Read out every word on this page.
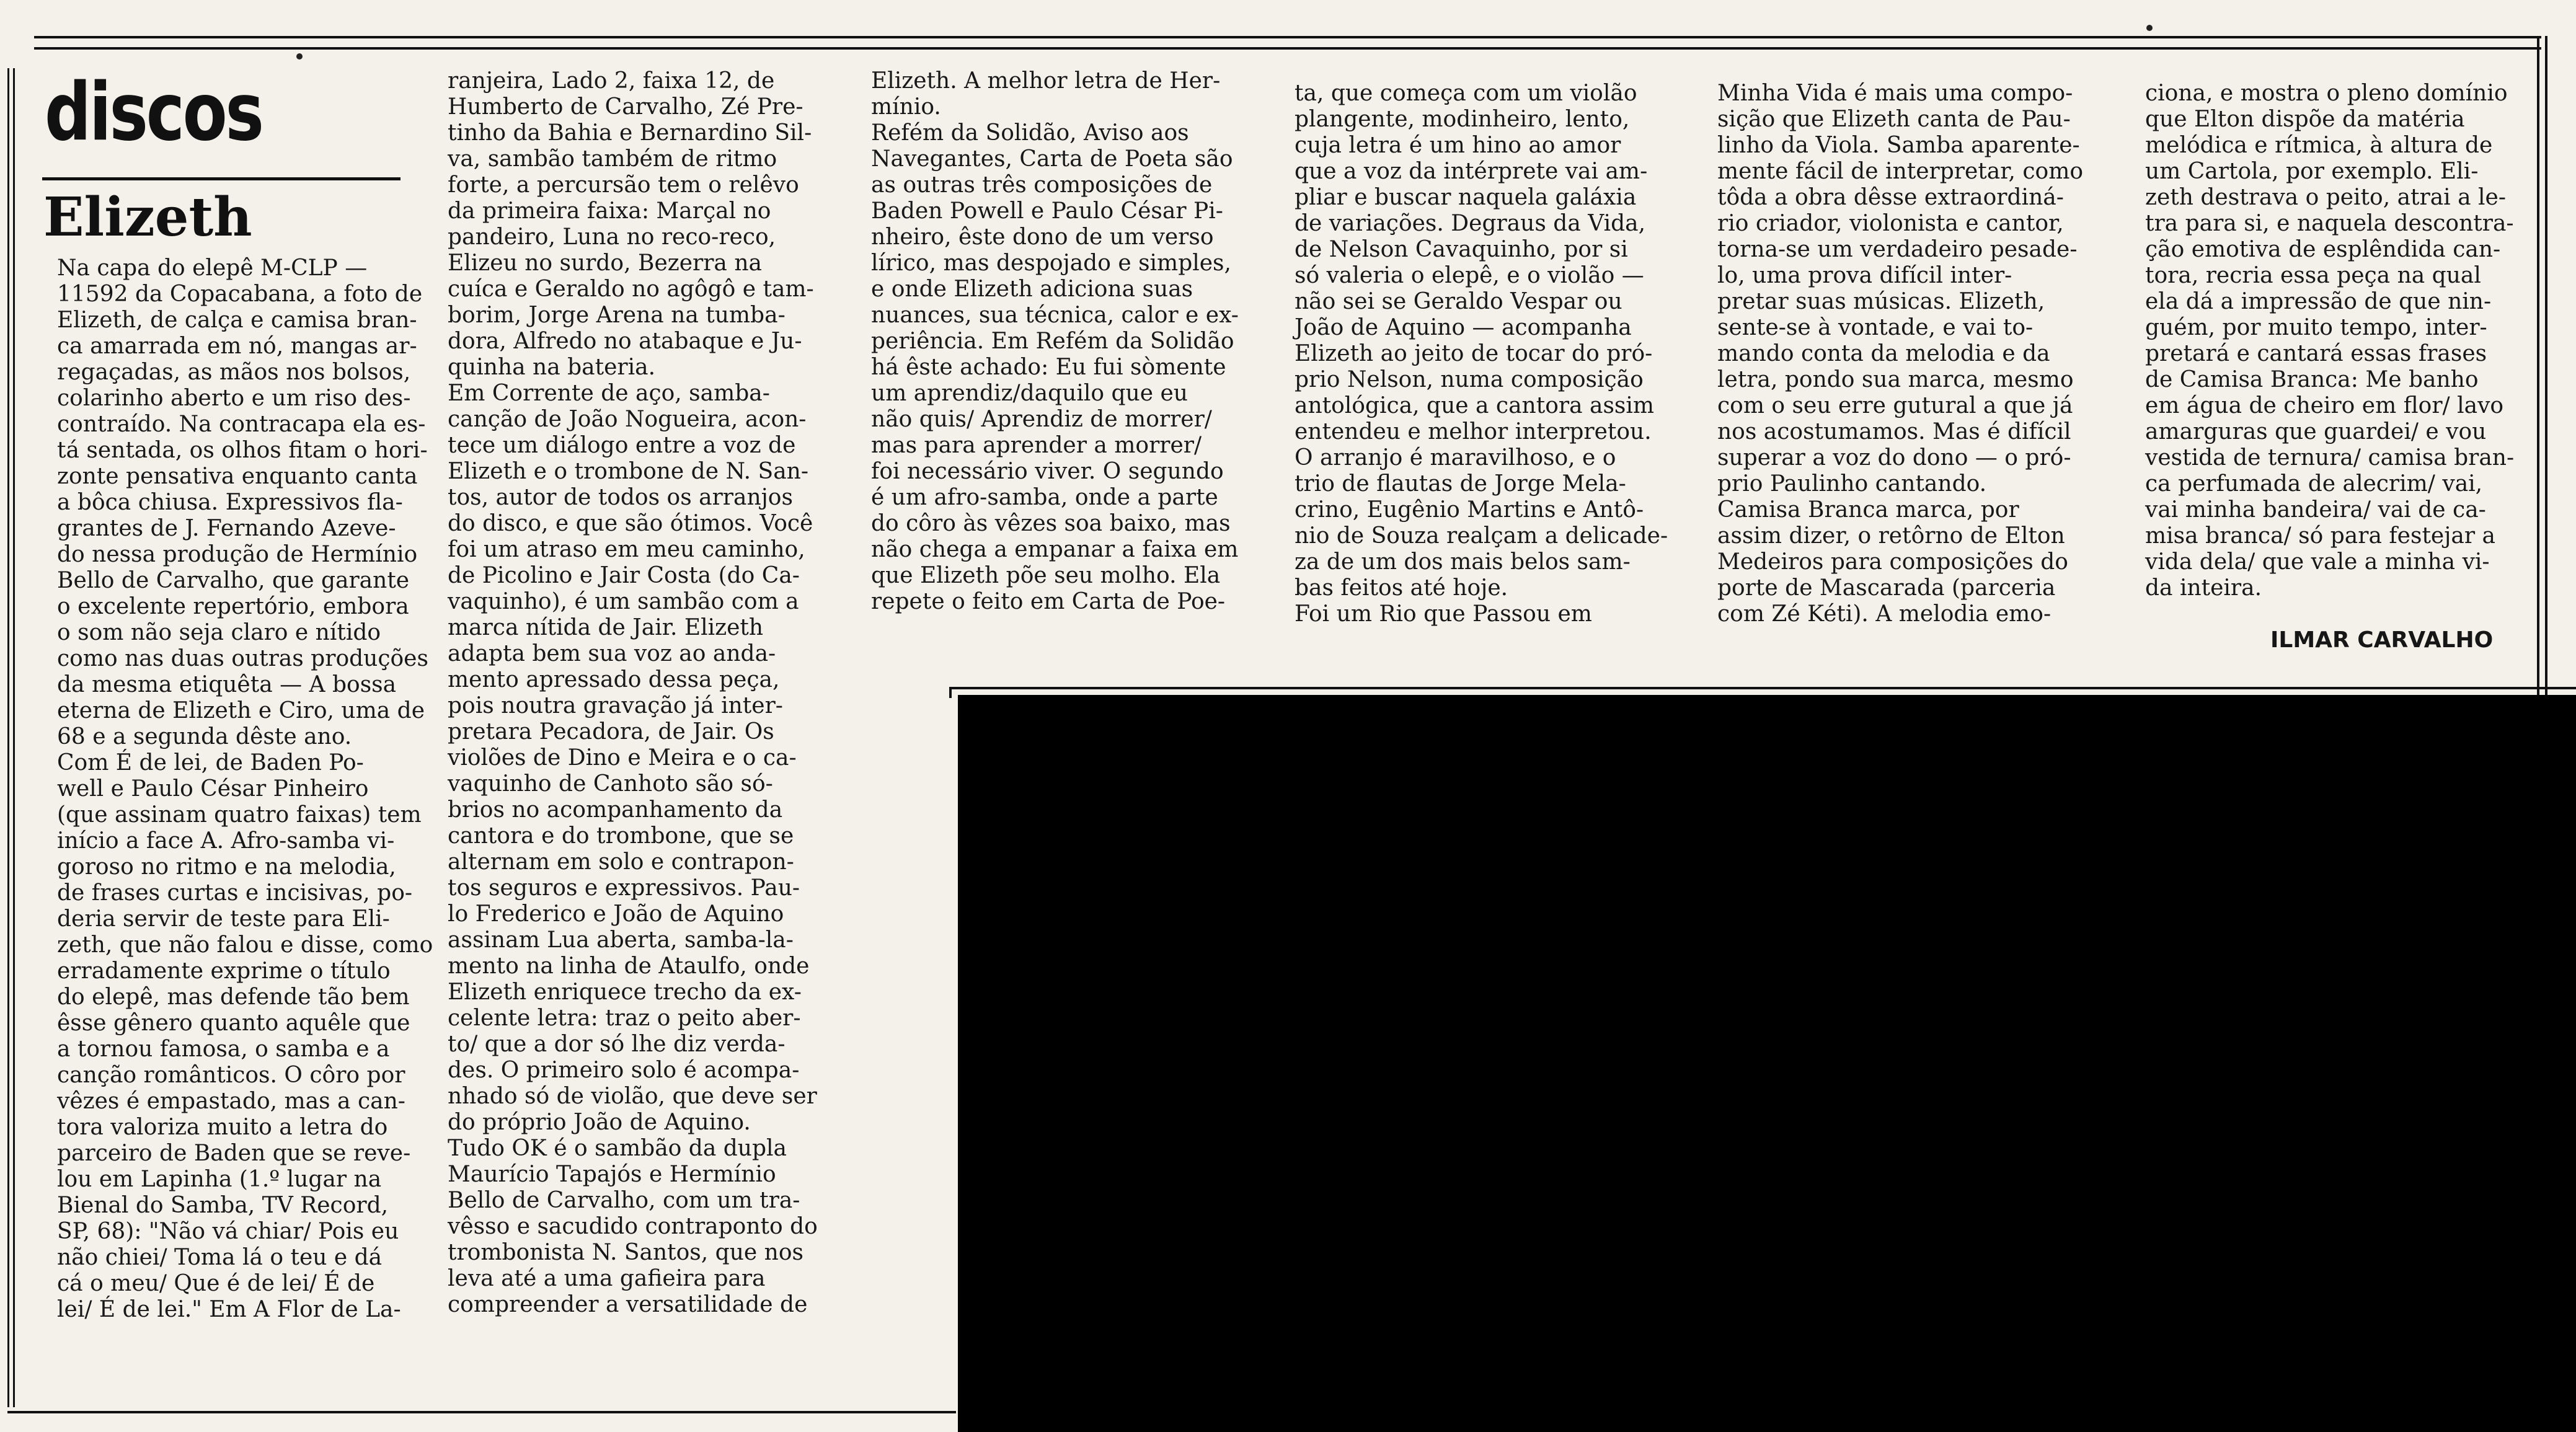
discos
Elizeth
Na capa do elepê M-CLP —
11592 da Copacabana, a foto de
Elizeth, de calça e camisa bran-
ca amarrada em nó, mangas ar-
regaçadas, as mãos nos bolsos,
colarinho aberto e um riso des-
contraído. Na contracapa ela es-
tá sentada, os olhos fitam o hori-
zonte pensativa enquanto canta
a bôca chiusa. Expressivos fla-
grantes de J. Fernando Azeve-
do nessa produção de Hermínio
Bello de Carvalho, que garante
o excelente repertório, embora
o som não seja claro e nítido
como nas duas outras produções
da mesma etiquêta — A bossa
eterna de Elizeth e Ciro, uma de
68 e a segunda dêste ano.
Com É de lei, de Baden Po-
well e Paulo César Pinheiro
(que assinam quatro faixas) tem
início a face A. Afro-samba vi-
goroso no ritmo e na melodia,
de frases curtas e incisivas, po-
deria servir de teste para Eli-
zeth, que não falou e disse, como
erradamente exprime o título
do elepê, mas defende tão bem
êsse gênero quanto aquêle que
a tornou famosa, o samba e a
canção românticos. O côro por
vêzes é empastado, mas a can-
tora valoriza muito a letra do
parceiro de Baden que se reve-
lou em Lapinha (1.º lugar na
Bienal do Samba, TV Record,
SP, 68): "Não vá chiar/ Pois eu
não chiei/ Toma lá o teu e dá
cá o meu/ Que é de lei/ É de
lei/ É de lei." Em A Flor de La-
ranjeira, Lado 2, faixa 12, de
Humberto de Carvalho, Zé Pre-
tinho da Bahia e Bernardino Sil-
va, sambão também de ritmo
forte, a percursão tem o relêvo
da primeira faixa: Marçal no
pandeiro, Luna no reco-reco,
Elizeu no surdo, Bezerra na
cuíca e Geraldo no agôgô e tam-
borim, Jorge Arena na tumba-
dora, Alfredo no atabaque e Ju-
quinha na bateria.
Em Corrente de aço, samba-
canção de João Nogueira, acon-
tece um diálogo entre a voz de
Elizeth e o trombone de N. San-
tos, autor de todos os arranjos
do disco, e que são ótimos. Você
foi um atraso em meu caminho,
de Picolino e Jair Costa (do Ca-
vaquinho), é um sambão com a
marca nítida de Jair. Elizeth
adapta bem sua voz ao anda-
mento apressado dessa peça,
pois noutra gravação já inter-
pretara Pecadora, de Jair. Os
violões de Dino e Meira e o ca-
vaquinho de Canhoto são só-
brios no acompanhamento da
cantora e do trombone, que se
alternam em solo e contrapon-
tos seguros e expressivos. Pau-
lo Frederico e João de Aquino
assinam Lua aberta, samba-la-
mento na linha de Ataulfo, onde
Elizeth enriquece trecho da ex-
celente letra: traz o peito aber-
to/ que a dor só lhe diz verda-
des. O primeiro solo é acompa-
nhado só de violão, que deve ser
do próprio João de Aquino.
Tudo OK é o sambão da dupla
Maurício Tapajós e Hermínio
Bello de Carvalho, com um tra-
vêsso e sacudido contraponto do
trombonista N. Santos, que nos
leva até a uma gafieira para
compreender a versatilidade de
Elizeth. A melhor letra de Her-
mínio.
Refém da Solidão, Aviso aos
Navegantes, Carta de Poeta são
as outras três composições de
Baden Powell e Paulo César Pi-
nheiro, êste dono de um verso
lírico, mas despojado e simples,
e onde Elizeth adiciona suas
nuances, sua técnica, calor e ex-
periência. Em Refém da Solidão
há êste achado: Eu fui sòmente
um aprendiz/daquilo que eu
não quis/ Aprendiz de morrer/
mas para aprender a morrer/
foi necessário viver. O segundo
é um afro-samba, onde a parte
do côro às vêzes soa baixo, mas
não chega a empanar a faixa em
que Elizeth põe seu molho. Ela
repete o feito em Carta de Poe-
ta, que começa com um violão
plangente, modinheiro, lento,
cuja letra é um hino ao amor
que a voz da intérprete vai am-
pliar e buscar naquela galáxia
de variações. Degraus da Vida,
de Nelson Cavaquinho, por si
só valeria o elepê, e o violão —
não sei se Geraldo Vespar ou
João de Aquino — acompanha
Elizeth ao jeito de tocar do pró-
prio Nelson, numa composição
antológica, que a cantora assim
entendeu e melhor interpretou.
O arranjo é maravilhoso, e o
trio de flautas de Jorge Mela-
crino, Eugênio Martins e Antô-
nio de Souza realçam a delicade-
za de um dos mais belos sam-
bas feitos até hoje.
Foi um Rio que Passou em
Minha Vida é mais uma compo-
sição que Elizeth canta de Pau-
linho da Viola. Samba aparente-
mente fácil de interpretar, como
tôda a obra dêsse extraordiná-
rio criador, violonista e cantor,
torna-se um verdadeiro pesade-
lo, uma prova difícil inter-
pretar suas músicas. Elizeth,
sente-se à vontade, e vai to-
mando conta da melodia e da
letra, pondo sua marca, mesmo
com o seu erre gutural a que já
nos acostumamos. Mas é difícil
superar a voz do dono — o pró-
prio Paulinho cantando.
Camisa Branca marca, por
assim dizer, o retôrno de Elton
Medeiros para composições do
porte de Mascarada (parceria
com Zé Kéti). A melodia emo-
ciona, e mostra o pleno domínio
que Elton dispõe da matéria
melódica e rítmica, à altura de
um Cartola, por exemplo. Eli-
zeth destrava o peito, atrai a le-
tra para si, e naquela descontra-
ção emotiva de esplêndida can-
tora, recria essa peça na qual
ela dá a impressão de que nin-
guém, por muito tempo, inter-
pretará e cantará essas frases
de Camisa Branca: Me banho
em água de cheiro em flor/ lavo
amarguras que guardei/ e vou
vestida de ternura/ camisa bran-
ca perfumada de alecrim/ vai,
vai minha bandeira/ vai de ca-
misa branca/ só para festejar a
vida dela/ que vale a minha vi-
da inteira.
ILMAR CARVALHO
